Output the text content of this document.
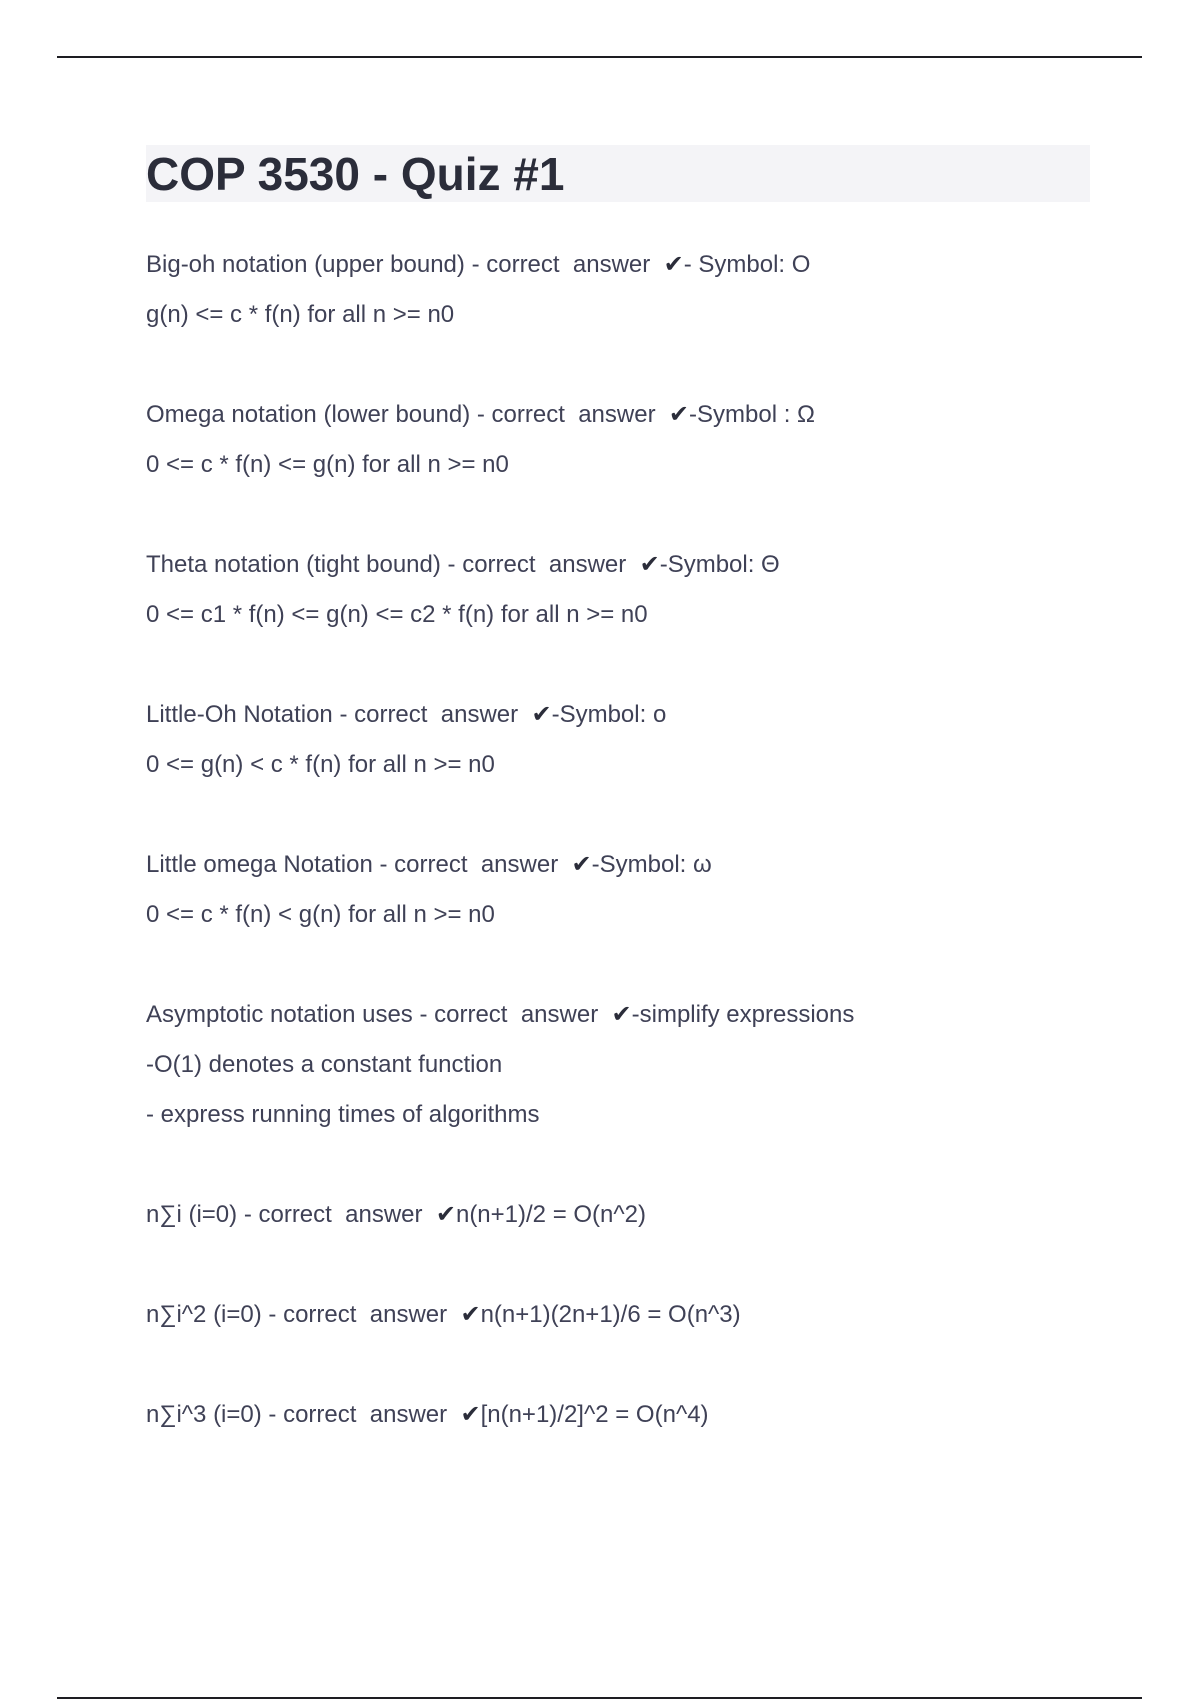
COP 3530 - Quiz #1
Big-oh notation (upper bound) - correct  answer  ✔- Symbol: O
g(n) <= c * f(n) for all n >= n0
Omega notation (lower bound) - correct  answer  ✔-Symbol : Ω
0 <= c * f(n) <= g(n) for all n >= n0
Theta notation (tight bound) - correct  answer  ✔-Symbol: Θ
0 <= c1 * f(n) <= g(n) <= c2 * f(n) for all n >= n0
Little-Oh Notation - correct  answer  ✔-Symbol: o
0 <= g(n) < c * f(n) for all n >= n0
Little omega Notation - correct  answer  ✔-Symbol: ω
0 <= c * f(n) < g(n) for all n >= n0
Asymptotic notation uses - correct  answer  ✔-simplify expressions
-O(1) denotes a constant function
- express running times of algorithms
n∑i (i=0) - correct  answer  ✔n(n+1)/2 = O(n^2)
n∑i^2 (i=0) - correct  answer  ✔n(n+1)(2n+1)/6 = O(n^3)
n∑i^3 (i=0) - correct  answer  ✔[n(n+1)/2]^2 = O(n^4)
